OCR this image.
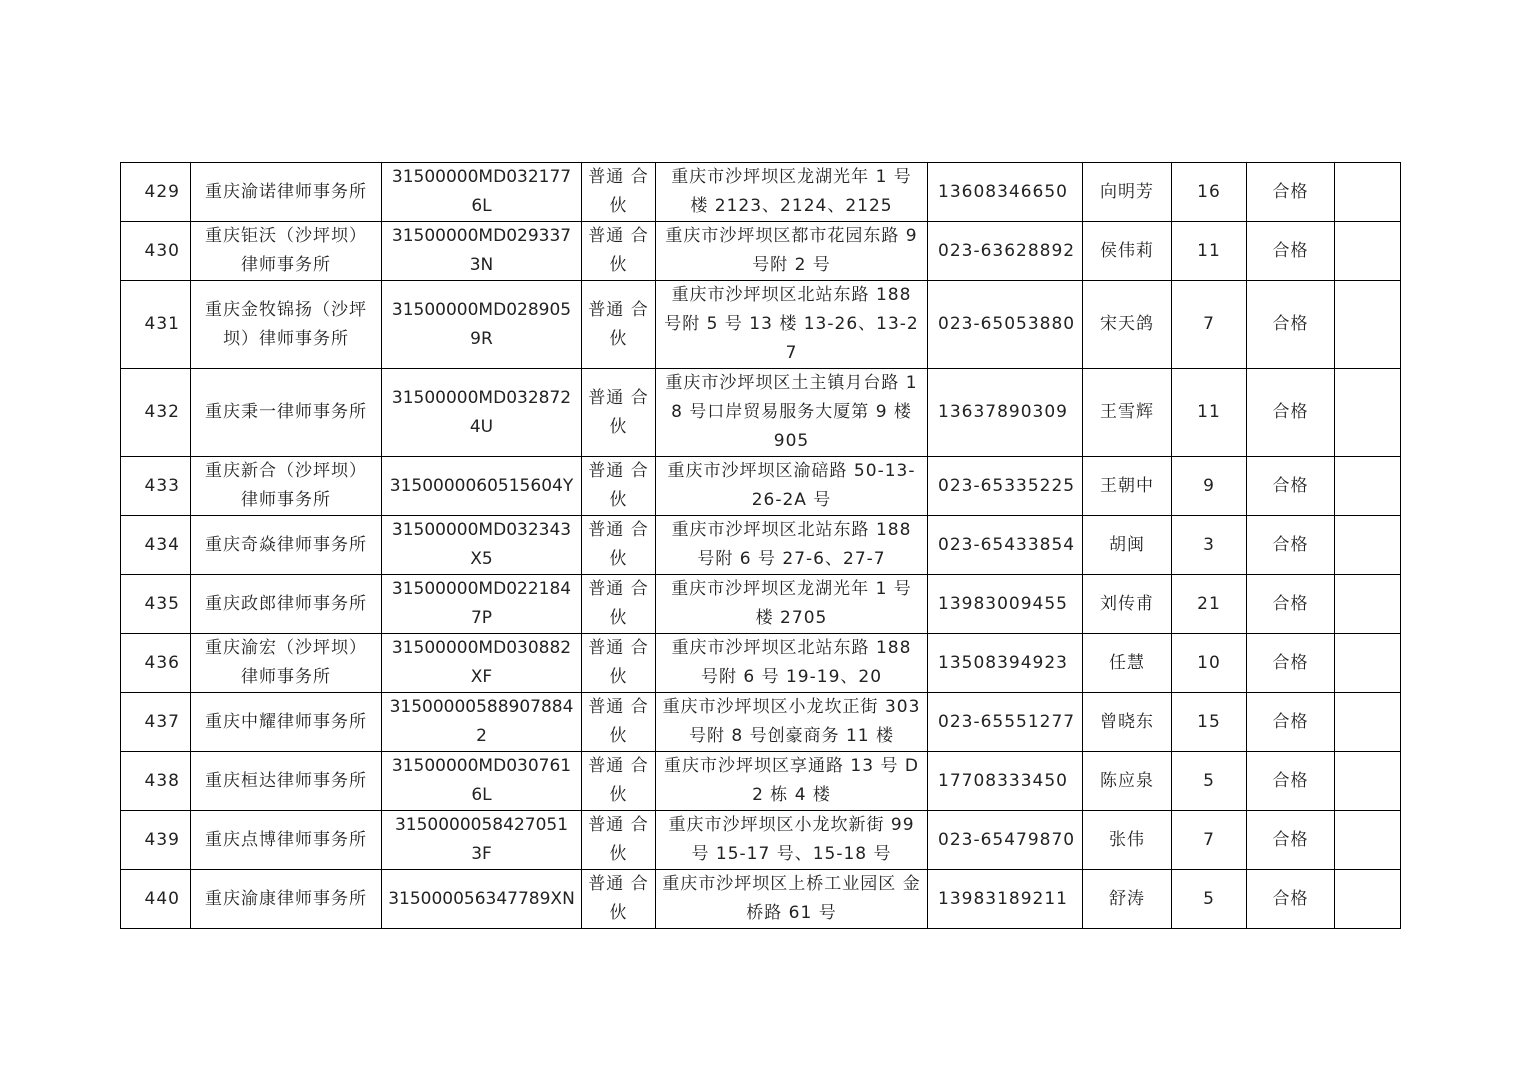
429	重庆渝诺律师事务所	31500000MD0321776L	普通 合伙	重庆市沙坪坝区龙湖光年 1 号 楼 2123、2124、2125	13608346650	向明芳	16	合格	
430	重庆钜沃（沙坪坝） 律师事务所	31500000MD0293373N	普通 合伙	重庆市沙坪坝区都市花园东路 9 号附 2 号	023-63628892	侯伟莉	11	合格	
431	重庆金牧锦扬（沙坪 坝）律师事务所	31500000MD0289059R	普通 合伙	重庆市沙坪坝区北站东路 188 号附 5 号 13 楼 13-26、13-27	023-65053880	宋天鸽	7	合格	
432	重庆秉一律师事务所	31500000MD0328724U	普通 合伙	重庆市沙坪坝区土主镇月台路 18 号口岸贸易服务大厦第 9 楼 905	13637890309	王雪辉	11	合格	
433	重庆新合（沙坪坝） 律师事务所	3150000060515604Y	普通 合伙	重庆市沙坪坝区渝碚路 50-13-26-2A 号	023-65335225	王朝中	9	合格	
434	重庆奇焱律师事务所	31500000MD032343X5	普通 合伙	重庆市沙坪坝区北站东路 188 号附 6 号 27-6、27-7	023-65433854	胡闽	3	合格	
435	重庆政郎律师事务所	31500000MD0221847P	普通 合伙	重庆市沙坪坝区龙湖光年 1 号 楼 2705	13983009455	刘传甫	21	合格	
436	重庆渝宏（沙坪坝） 律师事务所	31500000MD030882XF	普通 合伙	重庆市沙坪坝区北站东路 188 号附 6 号 19-19、20	13508394923	任慧	10	合格	
437	重庆中耀律师事务所	315000005889078842	普通 合伙	重庆市沙坪坝区小龙坎正街 303 号附 8 号创豪商务 11 楼	023-65551277	曾晓东	15	合格	
438	重庆桓达律师事务所	31500000MD0307616L	普通 合伙	重庆市沙坪坝区享通路 13 号 D2 栋 4 楼	17708333450	陈应泉	5	合格	
439	重庆点博律师事务所	3150000058427051 3F	普通 合伙	重庆市沙坪坝区小龙坎新街 99 号 15-17 号、15-18 号	023-65479870	张伟	7	合格	
440	重庆渝康律师事务所	315000056347789XN	普通 合伙	重庆市沙坪坝区上桥工业园区 金桥路 61 号	13983189211	舒涛	5	合格	
